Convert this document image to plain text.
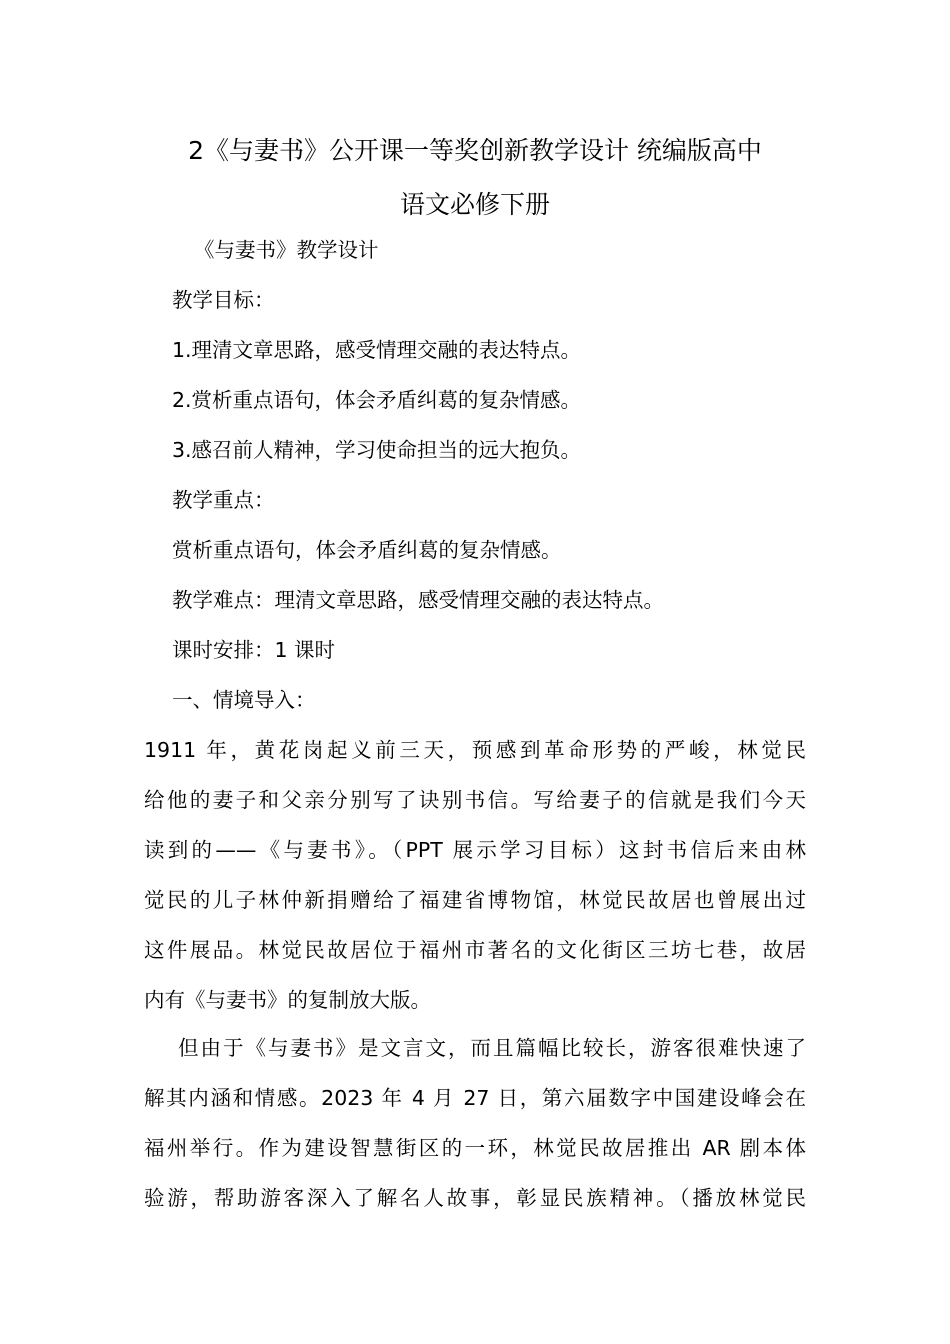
2《与妻书》公开课一等奖创新教学设计 统编版高中
语文必修下册
《与妻书》教学设计
教学目标：
1.理清文章思路，感受情理交融的表达特点。
2.赏析重点语句，体会矛盾纠葛的复杂情感。
3.感召前人精神，学习使命担当的远大抱负。
教学重点：
赏析重点语句，体会矛盾纠葛的复杂情感。
教学难点：理清文章思路，感受情理交融的表达特点。
课时安排：1 课时
一、情境导入：
1911 年，黄花岗起义前三天，预感到革命形势的严峻，林觉民
给他的妻子和父亲分别写了诀别书信。写给妻子的信就是我们今天
读到的——《与妻书》。（PPT 展示学习目标）这封书信后来由林
觉民的儿子林仲新捐赠给了福建省博物馆，林觉民故居也曾展出过
这件展品。林觉民故居位于福州市著名的文化街区三坊七巷，故居
内有《与妻书》的复制放大版。
但由于《与妻书》是文言文，而且篇幅比较长，游客很难快速了
解其内涵和情感。2023 年 4 月 27 日，第六届数字中国建设峰会在
福州举行。作为建设智慧街区的一环，林觉民故居推出 AR 剧本体
验游，帮助游客深入了解名人故事，彰显民族精神。（播放林觉民
